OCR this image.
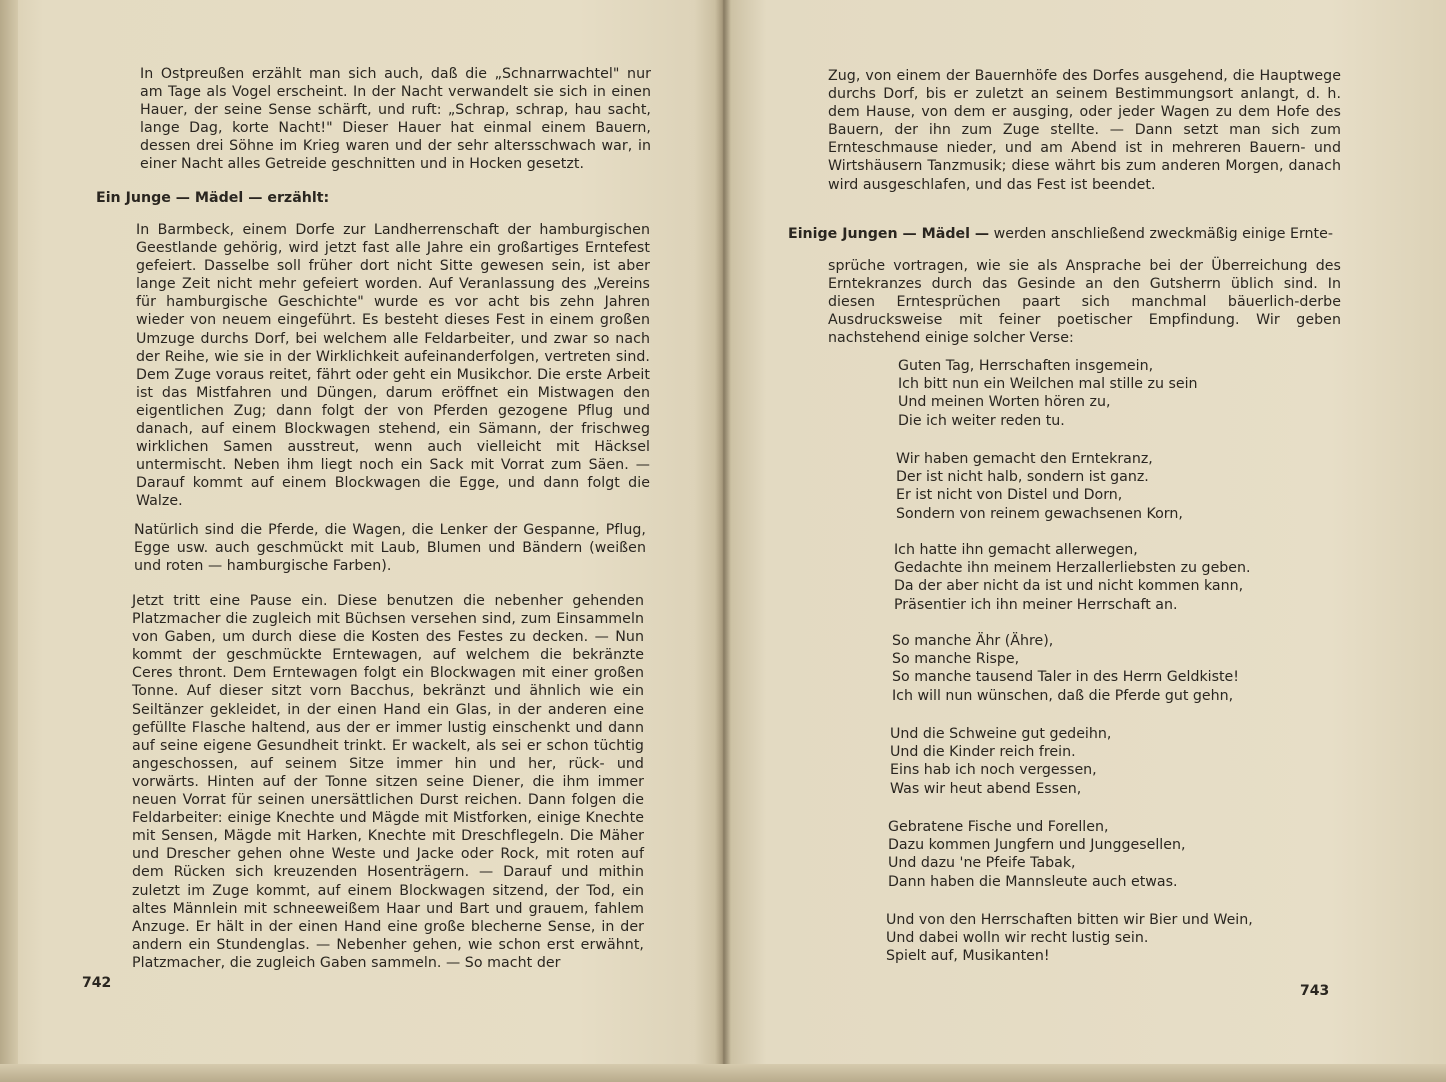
In Ostpreußen erzählt man sich auch, daß die „Schnarrwachtel" nur am Tage als Vogel erscheint. In der Nacht verwandelt sie sich in einen Hauer, der seine Sense schärft, und ruft: „Schrap, schrap, hau sacht, lange Dag, korte Nacht!" Dieser Hauer hat einmal einem Bauern, dessen drei Söhne im Krieg waren und der sehr altersschwach war, in einer Nacht alles Getreide geschnitten und in Hocken gesetzt.

Ein Junge — Mädel — erzählt:

In Barmbeck, einem Dorfe zur Landherrenschaft der hamburgischen Geestlande gehörig, wird jetzt fast alle Jahre ein großartiges Erntefest gefeiert. Dasselbe soll früher dort nicht Sitte gewesen sein, ist aber lange Zeit nicht mehr gefeiert worden. Auf Veranlassung des „Vereins für hamburgische Geschichte" wurde es vor acht bis zehn Jahren wieder von neuem eingeführt. Es besteht dieses Fest in einem großen Umzuge durchs Dorf, bei welchem alle Feldarbeiter, und zwar so nach der Reihe, wie sie in der Wirklichkeit aufeinanderfolgen, vertreten sind. Dem Zuge voraus reitet, fährt oder geht ein Musikchor. Die erste Arbeit ist das Mistfahren und Düngen, darum eröffnet ein Mistwagen den eigentlichen Zug; dann folgt der von Pferden gezogene Pflug und danach, auf einem Blockwagen stehend, ein Sämann, der frischweg wirklichen Samen ausstreut, wenn auch vielleicht mit Häcksel untermischt. Neben ihm liegt noch ein Sack mit Vorrat zum Säen. — Darauf kommt auf einem Blockwagen die Egge, und dann folgt die Walze.

Natürlich sind die Pferde, die Wagen, die Lenker der Gespanne, Pflug, Egge usw. auch geschmückt mit Laub, Blumen und Bändern (weißen und roten — hamburgische Farben).

Jetzt tritt eine Pause ein. Diese benutzen die nebenher gehenden Platzmacher die zugleich mit Büchsen versehen sind, zum Einsammeln von Gaben, um durch diese die Kosten des Festes zu decken. — Nun kommt der geschmückte Erntewagen, auf welchem die bekränzte Ceres thront. Dem Erntewagen folgt ein Blockwagen mit einer großen Tonne. Auf dieser sitzt vorn Bacchus, bekränzt und ähnlich wie ein Seiltänzer gekleidet, in der einen Hand ein Glas, in der anderen eine gefüllte Flasche haltend, aus der er immer lustig einschenkt und dann auf seine eigene Gesundheit trinkt. Er wackelt, als sei er schon tüchtig angeschossen, auf seinem Sitze immer hin und her, rück- und vorwärts. Hinten auf der Tonne sitzen seine Diener, die ihm immer neuen Vorrat für seinen unersättlichen Durst reichen. Dann folgen die Feldarbeiter: einige Knechte und Mägde mit Mistforken, einige Knechte mit Sensen, Mägde mit Harken, Knechte mit Dreschflegeln. Die Mäher und Drescher gehen ohne Weste und Jacke oder Rock, mit roten auf dem Rücken sich kreuzenden Hosenträgern. — Darauf und mithin zuletzt im Zuge kommt, auf einem Blockwagen sitzend, der Tod, ein altes Männlein mit schneeweißem Haar und Bart und grauem, fahlem Anzuge. Er hält in der einen Hand eine große blecherne Sense, in der andern ein Stundenglas. — Nebenher gehen, wie schon erst erwähnt, Platzmacher, die zugleich Gaben sammeln. — So macht der

742

Zug, von einem der Bauernhöfe des Dorfes ausgehend, die Hauptwege durchs Dorf, bis er zuletzt an seinem Bestimmungsort anlangt, d. h. dem Hause, von dem er ausging, oder jeder Wagen zu dem Hofe des Bauern, der ihn zum Zuge stellte. — Dann setzt man sich zum Ernteschmause nieder, und am Abend ist in mehreren Bauern- und Wirtshäusern Tanzmusik; diese währt bis zum anderen Morgen, danach wird ausgeschlafen, und das Fest ist beendet.

Einige Jungen — Mädel — werden anschließend zweckmäßig einige Ernte-

sprüche vortragen, wie sie als Ansprache bei der Überreichung des Erntekranzes durch das Gesinde an den Gutsherrn üblich sind. In diesen Erntesprüchen paart sich manchmal bäuerlich-derbe Ausdrucksweise mit feiner poetischer Empfindung. Wir geben nachstehend einige solcher Verse:

Guten Tag, Herrschaften insgemein,
Ich bitt nun ein Weilchen mal stille zu sein
Und meinen Worten hören zu,
Die ich weiter reden tu.
Wir haben gemacht den Erntekranz,
Der ist nicht halb, sondern ist ganz.
Er ist nicht von Distel und Dorn,
Sondern von reinem gewachsenen Korn,
Ich hatte ihn gemacht allerwegen,
Gedachte ihn meinem Herzallerliebsten zu geben.
Da der aber nicht da ist und nicht kommen kann,
Präsentier ich ihn meiner Herrschaft an.
So manche Ähr (Ähre),
So manche Rispe,
So manche tausend Taler in des Herrn Geldkiste!
Ich will nun wünschen, daß die Pferde gut gehn,
Und die Schweine gut gedeihn,
Und die Kinder reich frein.
Eins hab ich noch vergessen,
Was wir heut abend Essen,
Gebratene Fische und Forellen,
Dazu kommen Jungfern und Junggesellen,
Und dazu 'ne Pfeife Tabak,
Dann haben die Mannsleute auch etwas.
Und von den Herrschaften bitten wir Bier und Wein,
Und dabei wolln wir recht lustig sein.
Spielt auf, Musikanten!
743
